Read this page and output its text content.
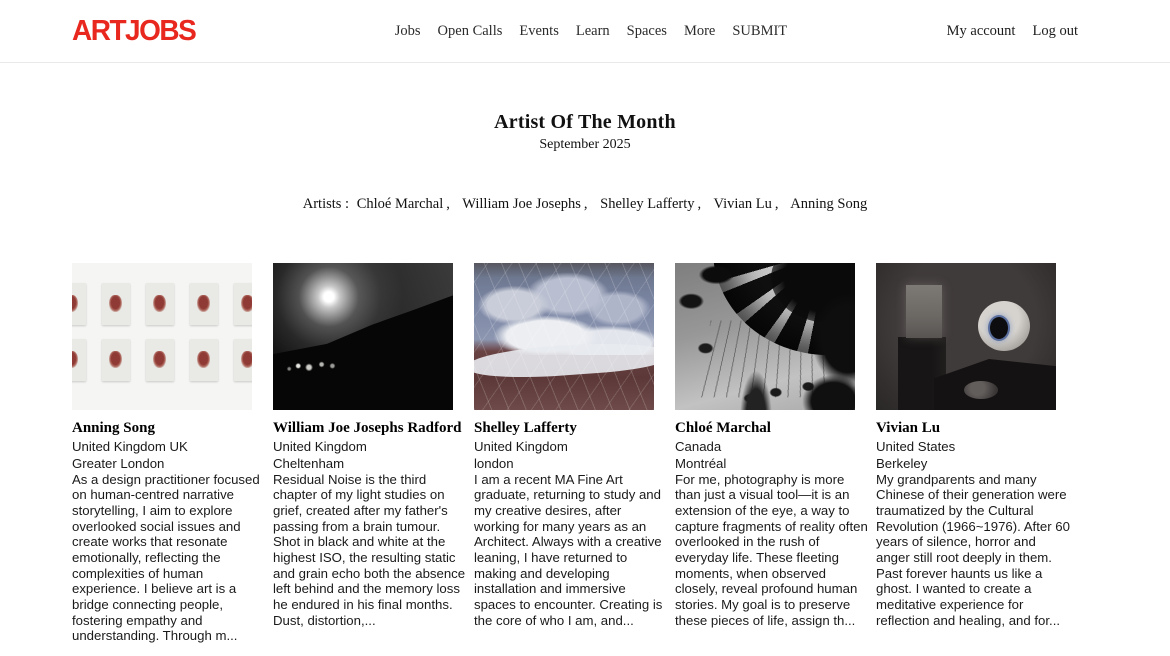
ARTJOBS	Jobs Open Calls Events Learn Spaces More SUBMIT	My account Log out
Artist Of The Month
September 2025
Artists : Chloé Marchal , William Joe Josephs , Shelley Lafferty , Vivian Lu , Anning Song
Anning Song
United Kingdom UK
Greater London
As a design practitioner focused on human-centred narrative storytelling, I aim to explore overlooked social issues and create works that resonate emotionally, reflecting the complexities of human experience. I believe art is a bridge connecting people, fostering empathy and understanding. Through m...
William Joe Josephs Radford
United Kingdom
Cheltenham
Residual Noise is the third chapter of my light studies on grief, created after my father's passing from a brain tumour. Shot in black and white at the highest ISO, the resulting static and grain echo both the absence left behind and the memory loss he endured in his final months. Dust, distortion,...
Shelley Lafferty
United Kingdom
london
I am a recent MA Fine Art graduate, returning to study and my creative desires, after working for many years as an Architect. Always with a creative leaning, I have returned to making and developing installation and immersive spaces to encounter. Creating is the core of who I am, and...
Chloé Marchal
Canada
Montréal
For me, photography is more than just a visual tool—it is an extension of the eye, a way to capture fragments of reality often overlooked in the rush of everyday life. These fleeting moments, when observed closely, reveal profound human stories. My goal is to preserve these pieces of life, assign th...
Vivian Lu
United States
Berkeley
My grandparents and many Chinese of their generation were traumatized by the Cultural Revolution (1966~1976). After 60 years of silence, horror and anger still root deeply in them. Past forever haunts us like a ghost. I wanted to create a meditative experience for reflection and healing, and for...
